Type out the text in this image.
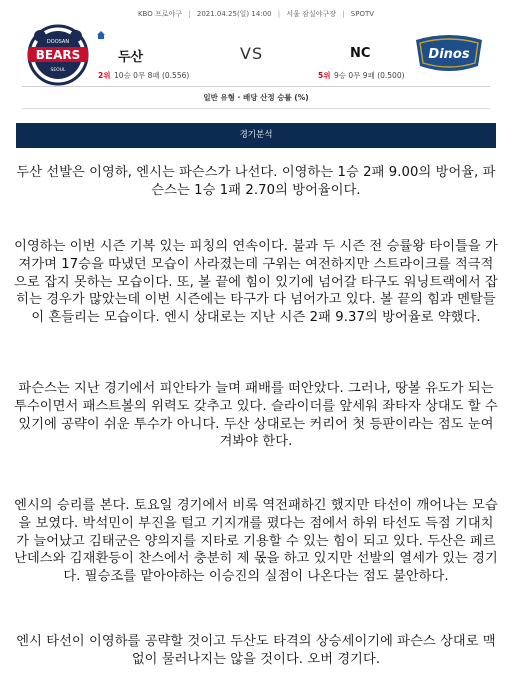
KBO 프로야구 | 2021.04.25(일) 14:00 | 서울 잠실야구장 | SPOTV
DOOSAN
BEARS
SEOUL
두산	VS	NC
2위 10승 0무 8패 (0.556)	5위 9승 0무 9패 (0.500)
Dinos
일반 유형 · 배당 산정 승률 (%)
경기분석
두산 선발은 이영하, 엔시는 파슨스가 나선다. 이영하는 1승 2패 9.00의 방어율, 파슨스는 1승 1패 2.70의 방어율이다.
이영하는 이번 시즌 기복 있는 피칭의 연속이다. 불과 두 시즌 전 승률왕 타이틀을 가져가며 17승을 따냈던 모습이 사라졌는데 구위는 여전하지만 스트라이크를 적극적으로 잡지 못하는 모습이다. 또, 볼 끝에 힘이 있기에 넘어갈 타구도 워닝트랙에서 잡히는 경우가 많았는데 이번 시즌에는 타구가 다 넘어가고 있다. 볼 끝의 힘과 멘탈들이 흔들리는 모습이다. 엔시 상대로는 지난 시즌 2패 9.37의 방어율로 약했다.
파슨스는 지난 경기에서 피안타가 늘며 패배를 떠안았다. 그러나, 땅볼 유도가 되는 투수이면서 패스트볼의 위력도 갖추고 있다. 슬라이더를 앞세워 좌타자 상대도 할 수 있기에 공략이 쉬운 투수가 아니다. 두산 상대로는 커리어 첫 등판이라는 점도 눈여겨봐야 한다.
엔시의 승리를 본다. 토요일 경기에서 비록 역전패하긴 했지만 타선이 깨어나는 모습을 보였다. 박석민이 부진을 털고 기지개를 폈다는 점에서 하위 타선도 득점 기대치가 늘어났고 김태군은 양의지를 지타로 기용할 수 있는 힘이 되고 있다. 두산은 페르난데스와 김재환등이 찬스에서 충분히 제 몫을 하고 있지만 선발의 열세가 있는 경기다. 필승조를 맡아야하는 이승진의 실점이 나온다는 점도 불안하다.
엔시 타선이 이영하를 공략할 것이고 두산도 타격의 상승세이기에 파슨스 상대로 맥없이 물러나지는 않을 것이다. 오버 경기다.
